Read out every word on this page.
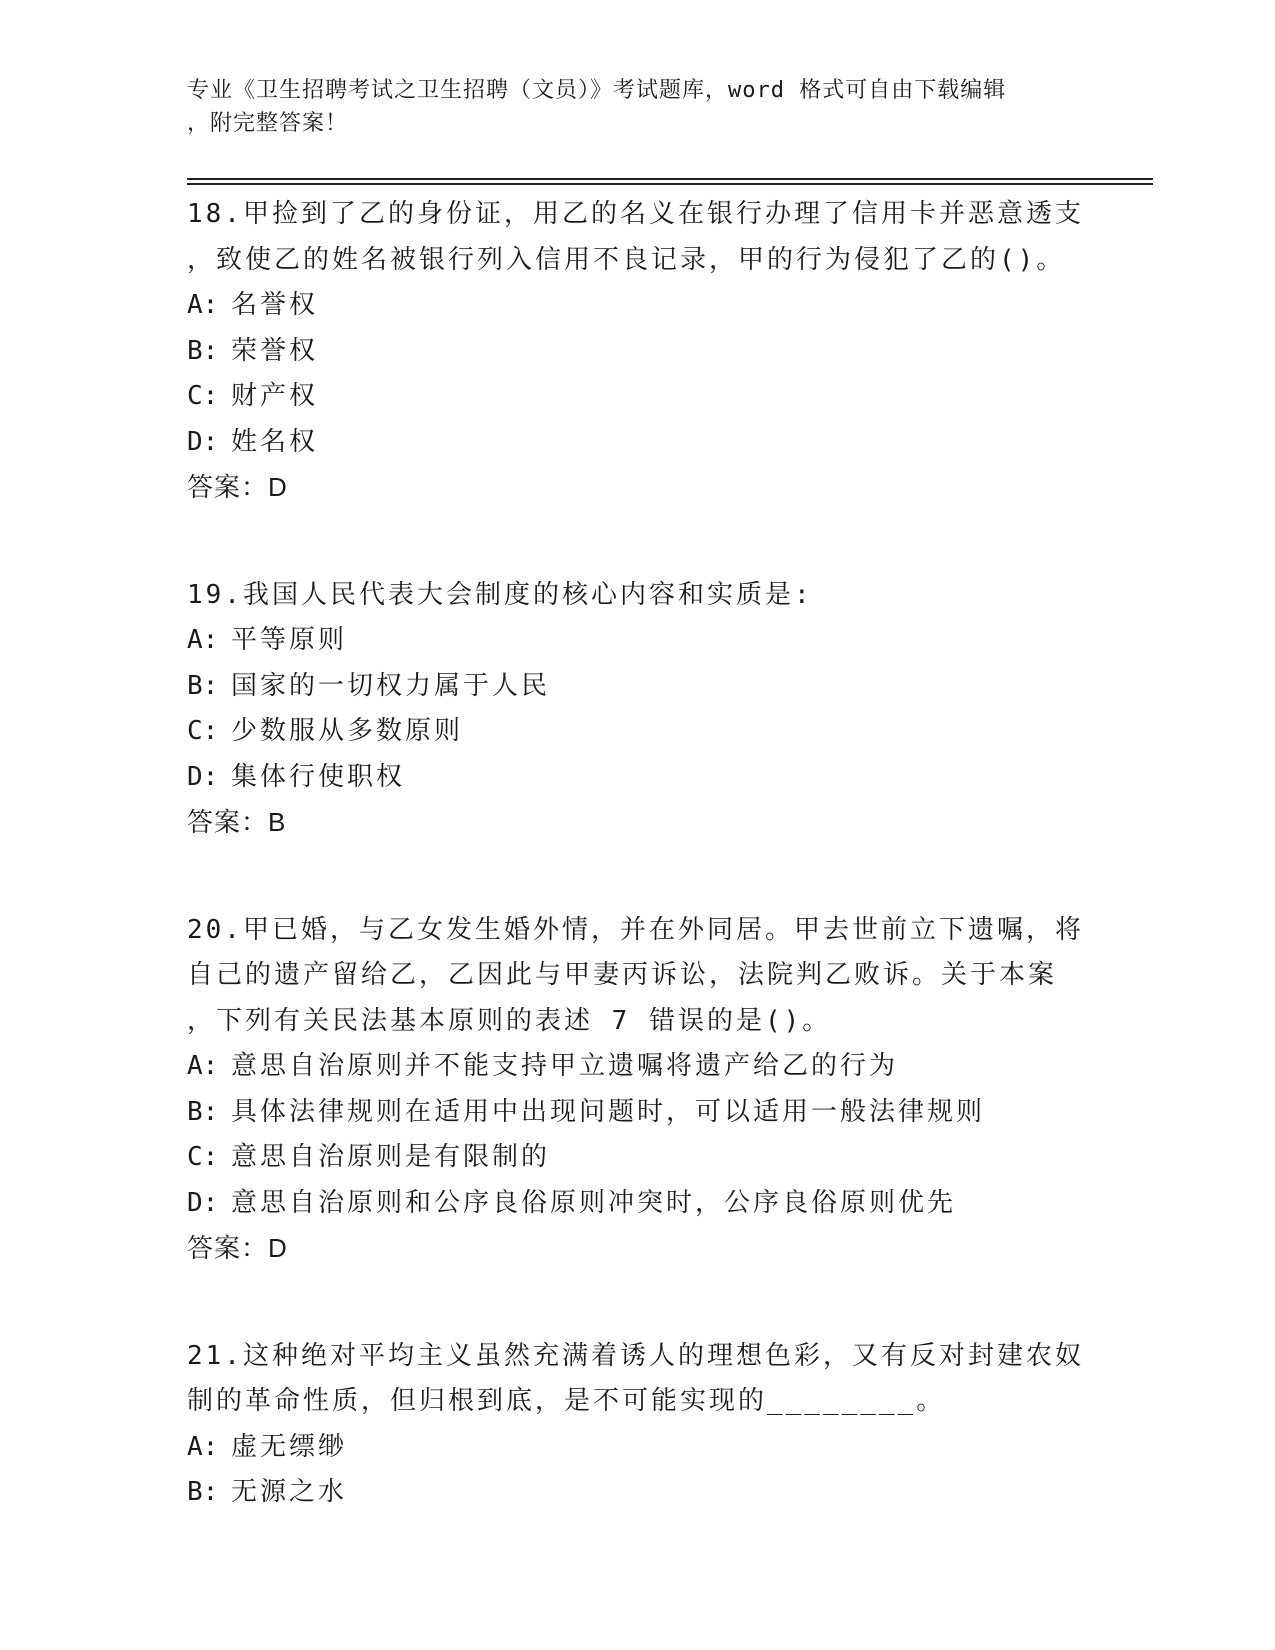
专业《卫生招聘考试之卫生招聘（文员）》考试题库，word 格式可自由下载编辑
，附完整答案！
18.甲捡到了乙的身份证，用乙的名义在银行办理了信用卡并恶意透支
，致使乙的姓名被银行列入信用不良记录，甲的行为侵犯了乙的()。
A: 名誉权
B: 荣誉权
C: 财产权
D: 姓名权
答案：D
19.我国人民代表大会制度的核心内容和实质是:
A: 平等原则
B: 国家的一切权力属于人民
C: 少数服从多数原则
D: 集体行使职权
答案：B
20.甲已婚，与乙女发生婚外情，并在外同居。甲去世前立下遗嘱，将
自己的遗产留给乙，乙因此与甲妻丙诉讼，法院判乙败诉。关于本案
，下列有关民法基本原则的表述 7 错误的是()。
A: 意思自治原则并不能支持甲立遗嘱将遗产给乙的行为
B: 具体法律规则在适用中出现问题时，可以适用一般法律规则
C: 意思自治原则是有限制的
D: 意思自治原则和公序良俗原则冲突时，公序良俗原则优先
答案：D
21.这种绝对平均主义虽然充满着诱人的理想色彩，又有反对封建农奴
制的革命性质，但归根到底，是不可能实现的________。
A: 虚无缥缈
B: 无源之水
